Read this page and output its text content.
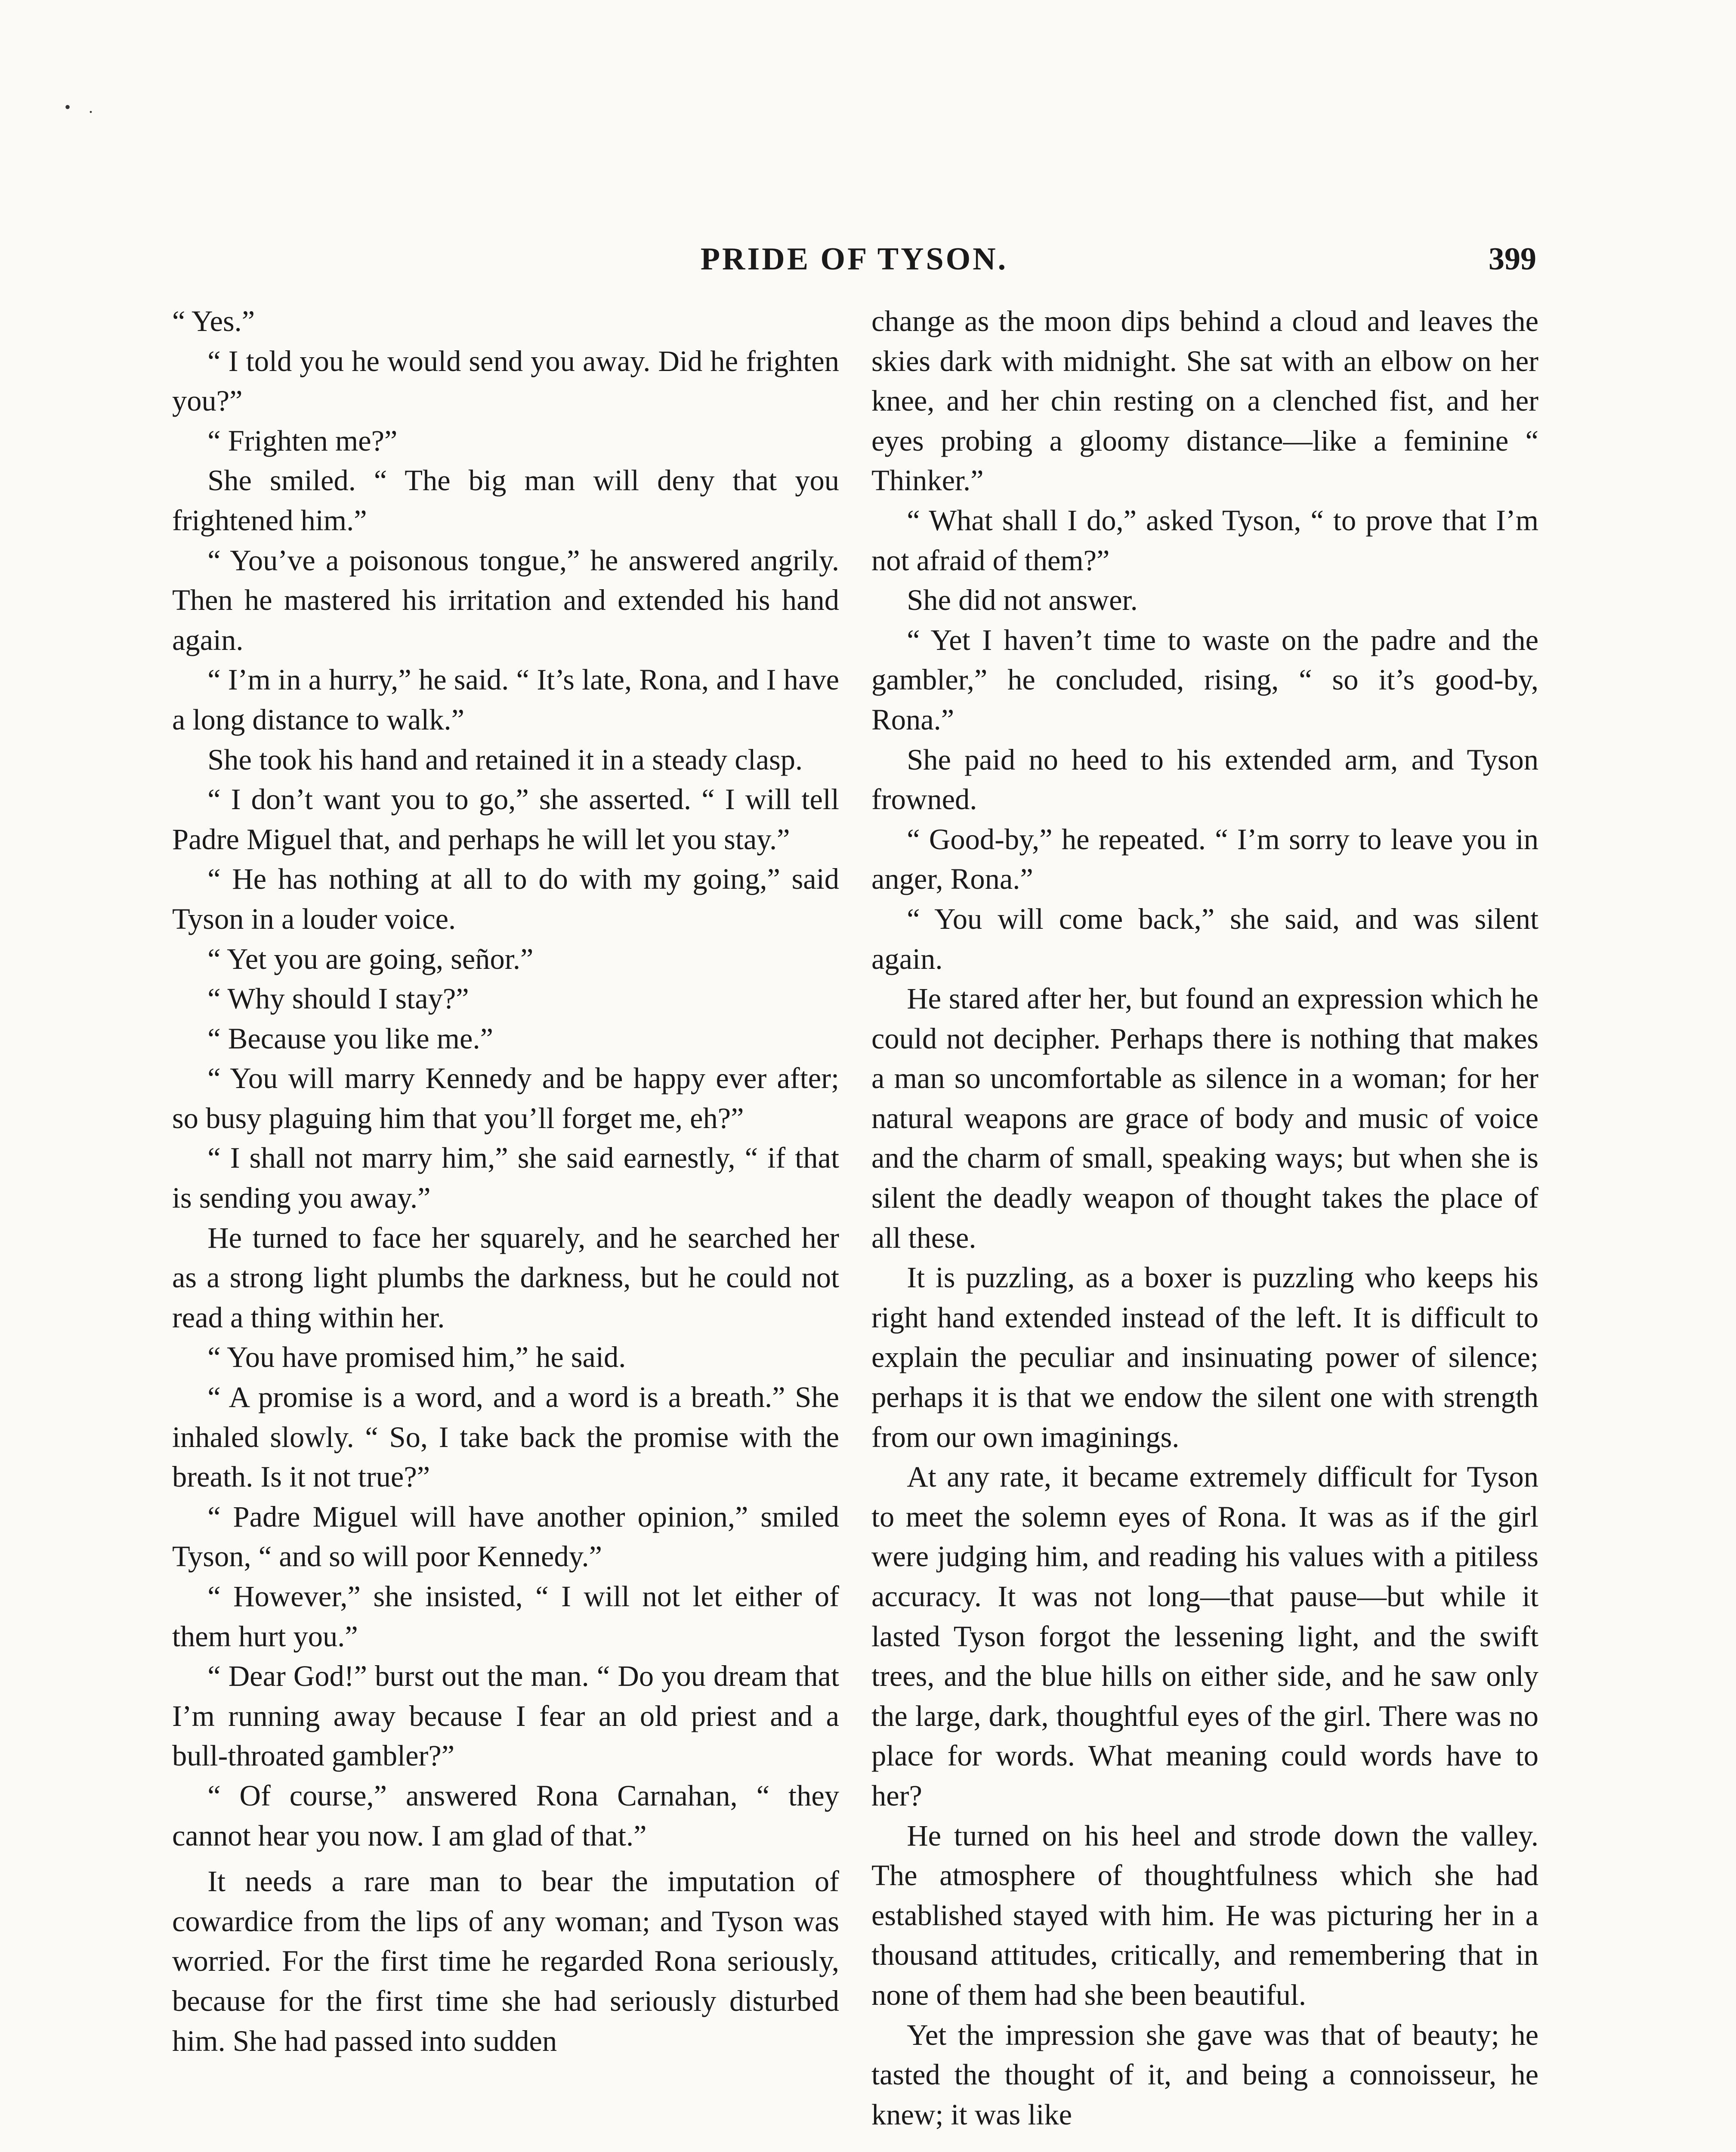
• .
PRIDE OF TYSON.	399

“ Yes.”

“ I told you he would send you away. Did he frighten you?”

“ Frighten me?”

She smiled. “ The big man will deny that you frightened him.”

“ You’ve a poisonous tongue,” he answered angrily. Then he mastered his irritation and extended his hand again.

“ I’m in a hurry,” he said. “ It’s late, Rona, and I have a long distance to walk.”

She took his hand and retained it in a steady clasp.

“ I don’t want you to go,” she asserted. “ I will tell Padre Miguel that, and perhaps he will let you stay.”

“ He has nothing at all to do with my going,” said Tyson in a louder voice.

“ Yet you are going, señor.”

“ Why should I stay?”

“ Because you like me.”

“ You will marry Kennedy and be happy ever after; so busy plaguing him that you’ll forget me, eh?”

“ I shall not marry him,” she said earnestly, “ if that is sending you away.”

He turned to face her squarely, and he searched her as a strong light plumbs the darkness, but he could not read a thing within her.

“ You have promised him,” he said.

“ A promise is a word, and a word is a breath.” She inhaled slowly. “ So, I take back the promise with the breath. Is it not true?”

“ Padre Miguel will have another opinion,” smiled Tyson, “ and so will poor Kennedy.”

“ However,” she insisted, “ I will not let either of them hurt you.”

“ Dear God!” burst out the man. “ Do you dream that I’m running away because I fear an old priest and a bull-throated gambler?”

“ Of course,” answered Rona Carnahan, “ they cannot hear you now. I am glad of that.”

It needs a rare man to bear the imputation of cowardice from the lips of any woman; and Tyson was worried. For the first time he regarded Rona seriously, because for the first time she had seriously disturbed him. She had passed into sudden

change as the moon dips behind a cloud and leaves the skies dark with midnight. She sat with an elbow on her knee, and her chin resting on a clenched fist, and her eyes probing a gloomy distance—like a feminine “ Thinker.”

“ What shall I do,” asked Tyson, “ to prove that I’m not afraid of them?”

She did not answer.

“ Yet I haven’t time to waste on the padre and the gambler,” he concluded, rising, “ so it’s good-by, Rona.”

She paid no heed to his extended arm, and Tyson frowned.

“ Good-by,” he repeated. “ I’m sorry to leave you in anger, Rona.”

“ You will come back,” she said, and was silent again.

He stared after her, but found an expression which he could not decipher. Perhaps there is nothing that makes a man so uncomfortable as silence in a woman; for her natural weapons are grace of body and music of voice and the charm of small, speaking ways; but when she is silent the deadly weapon of thought takes the place of all these.

It is puzzling, as a boxer is puzzling who keeps his right hand extended instead of the left. It is difficult to explain the peculiar and insinuating power of silence; perhaps it is that we endow the silent one with strength from our own imaginings.

At any rate, it became extremely difficult for Tyson to meet the solemn eyes of Rona. It was as if the girl were judging him, and reading his values with a pitiless accuracy. It was not long—that pause—but while it lasted Tyson forgot the lessening light, and the swift trees, and the blue hills on either side, and he saw only the large, dark, thoughtful eyes of the girl. There was no place for words. What meaning could words have to her?

He turned on his heel and strode down the valley. The atmosphere of thoughtfulness which she had established stayed with him. He was picturing her in a thousand attitudes, critically, and remembering that in none of them had she been beautiful.

Yet the impression she gave was that of beauty; he tasted the thought of it, and being a connoisseur, he knew; it was like
